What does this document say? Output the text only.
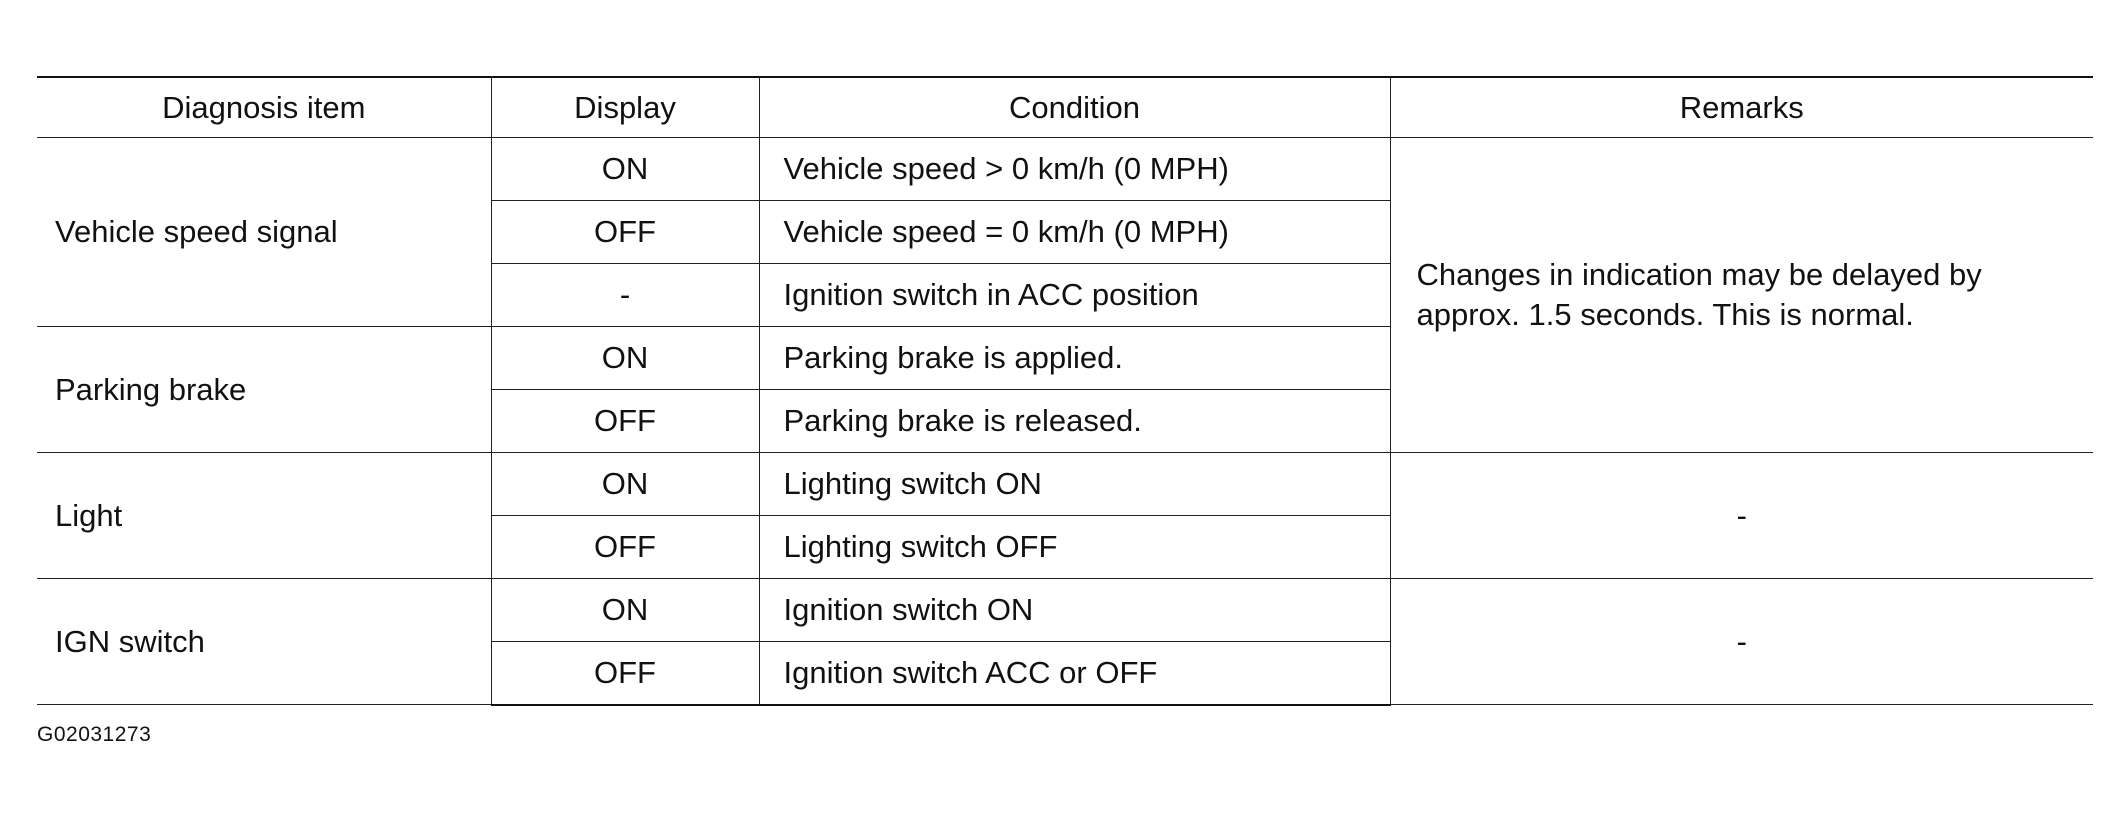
Diagnosis item	Display	Condition	Remarks
Vehicle speed signal	ON	Vehicle speed > 0 km/h (0 MPH)	Changes in indication may be delayed by approx. 1.5 seconds. This is normal.
	OFF	Vehicle speed = 0 km/h (0 MPH)	
	-	Ignition switch in ACC position	
Parking brake	ON	Parking brake is applied.	
	OFF	Parking brake is released.	
Light	ON	Lighting switch ON	-
	OFF	Lighting switch OFF	
IGN switch	ON	Ignition switch ON	-
	OFF	Ignition switch ACC or OFF	
G02031273
